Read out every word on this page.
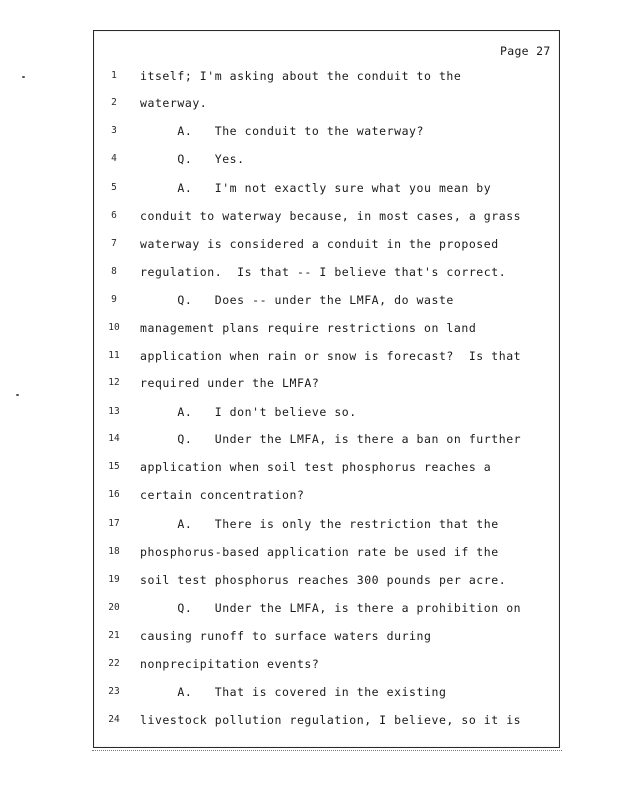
Page 27
1	itself; I'm asking about the conduit to the
2	waterway.
3	A.   The conduit to the waterway?
4	Q.   Yes.
5	A.   I'm not exactly sure what you mean by
6	conduit to waterway because, in most cases, a grass
7	waterway is considered a conduit in the proposed
8	regulation.  Is that -- I believe that's correct.
9	Q.   Does -- under the LMFA, do waste
10	management plans require restrictions on land
11	application when rain or snow is forecast?  Is that
12	required under the LMFA?
13	A.   I don't believe so.
14	Q.   Under the LMFA, is there a ban on further
15	application when soil test phosphorus reaches a
16	certain concentration?
17	A.   There is only the restriction that the
18	phosphorus-based application rate be used if the
19	soil test phosphorus reaches 300 pounds per acre.
20	Q.   Under the LMFA, is there a prohibition on
21	causing runoff to surface waters during
22	nonprecipitation events?
23	A.   That is covered in the existing
24	livestock pollution regulation, I believe, so it is
